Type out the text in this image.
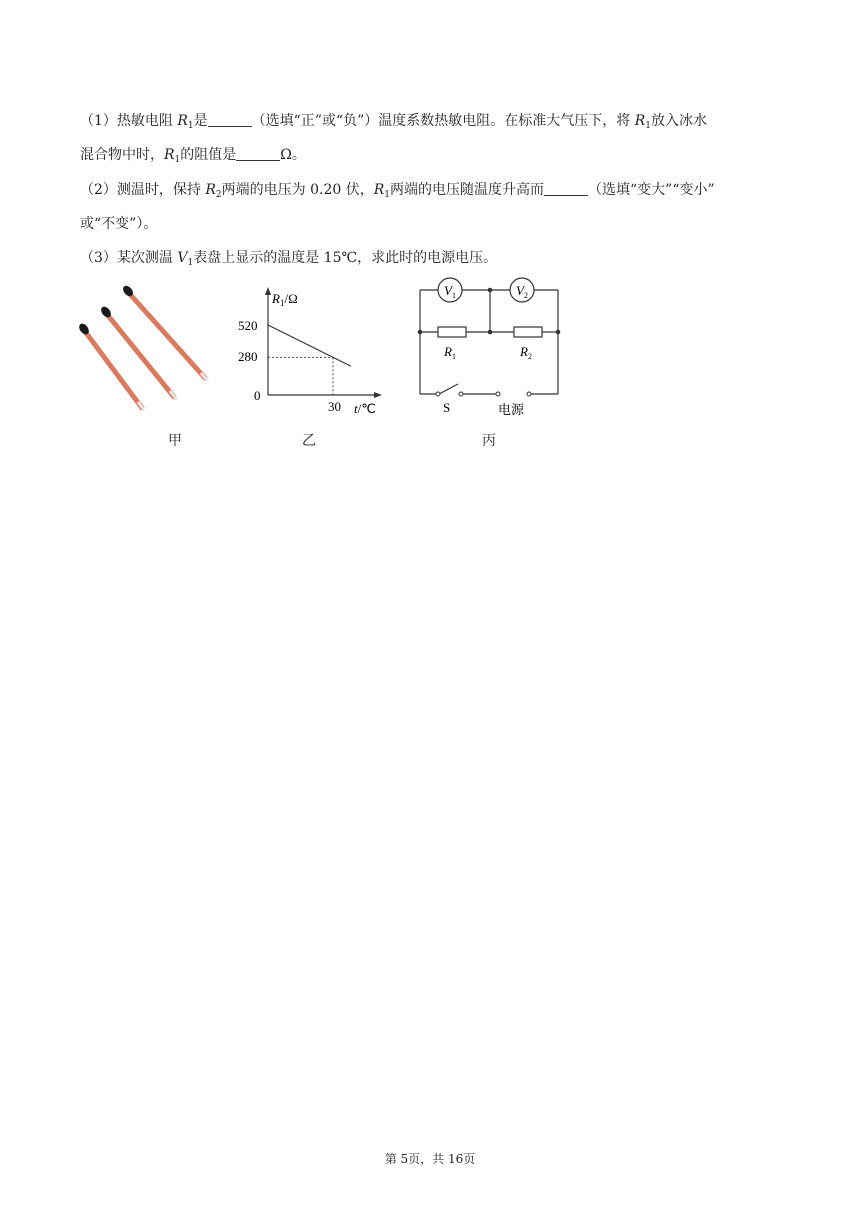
（1）热敏电阻 $R_1$是	（选填“正”或“负”）温度系数热敏电阻。在标准大气压下，将 $R_1$放入冰水
混合物中时，$R_1$的阻值是	Ω。
（2）测温时，保持 $R_2$两端的电压为 0.20 伏，$R_1$两端的电压随温度升高而	（选填“变大”“变小”
或“不变”）。
（3）某次测温 $V_1$表盘上显示的温度是 15℃，求此时的电源电压。
$R_1/\Omega$
t/℃
520
280
0
30
$V_1$	$V_2$
$R_1$	$R_2$
S	电源
甲	乙	丙
第 5页，共 16页
